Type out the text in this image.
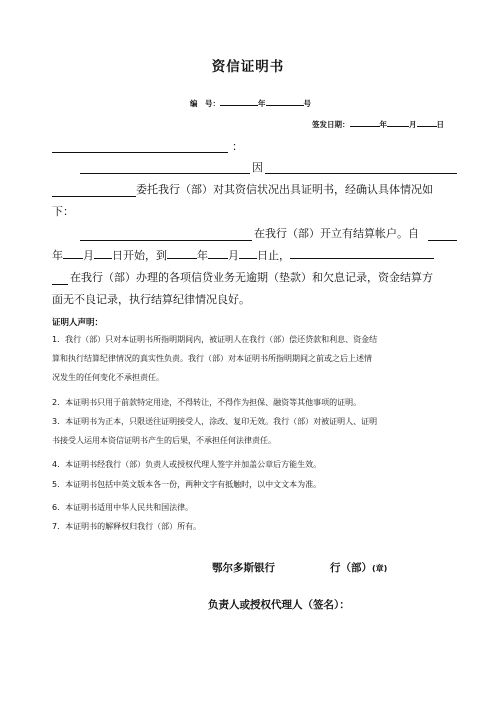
资信证明书
编　号：	年	号
签发日期：	年	月	日
：
因
委托我行（部）对其资信状况出具证明书，经确认具体情况如
下：
在我行（部）开立有结算帐户。自
年 月 日开始，到	年 月 日止，
在我行（部）办理的各项信贷业务无逾期（垫款）和欠息记录，资金结算方
面无不良记录，执行结算纪律情况良好。
证明人声明：
1．我行（部）只对本证明书所指明期间内，被证明人在我行（部）偿还贷款和利息、资金结
算和执行结算纪律情况的真实性负责。我行（部）对本证明书所指明期间之前或之后上述情
况发生的任何变化不承担责任。
2．本证明书只用于前款特定用途，不得转让，不得作为担保、融资等其他事项的证明。
3．本证明书为正本，只限送往证明接受人，涂改、复印无效。我行（部）对被证明人、证明
书接受人运用本资信证明书产生的后果，不承担任何法律责任。
4．本证明书经我行（部）负责人或授权代理人签字并加盖公章后方能生效。
5．本证明书包括中英文版本各一份，两种文字有抵触时，以中文文本为准。
6．本证明书适用中华人民共和国法律。
7．本证明书的解释权归我行（部）所有。
鄂尔多斯银行	行（部）(章)
负责人或授权代理人（签名）：
